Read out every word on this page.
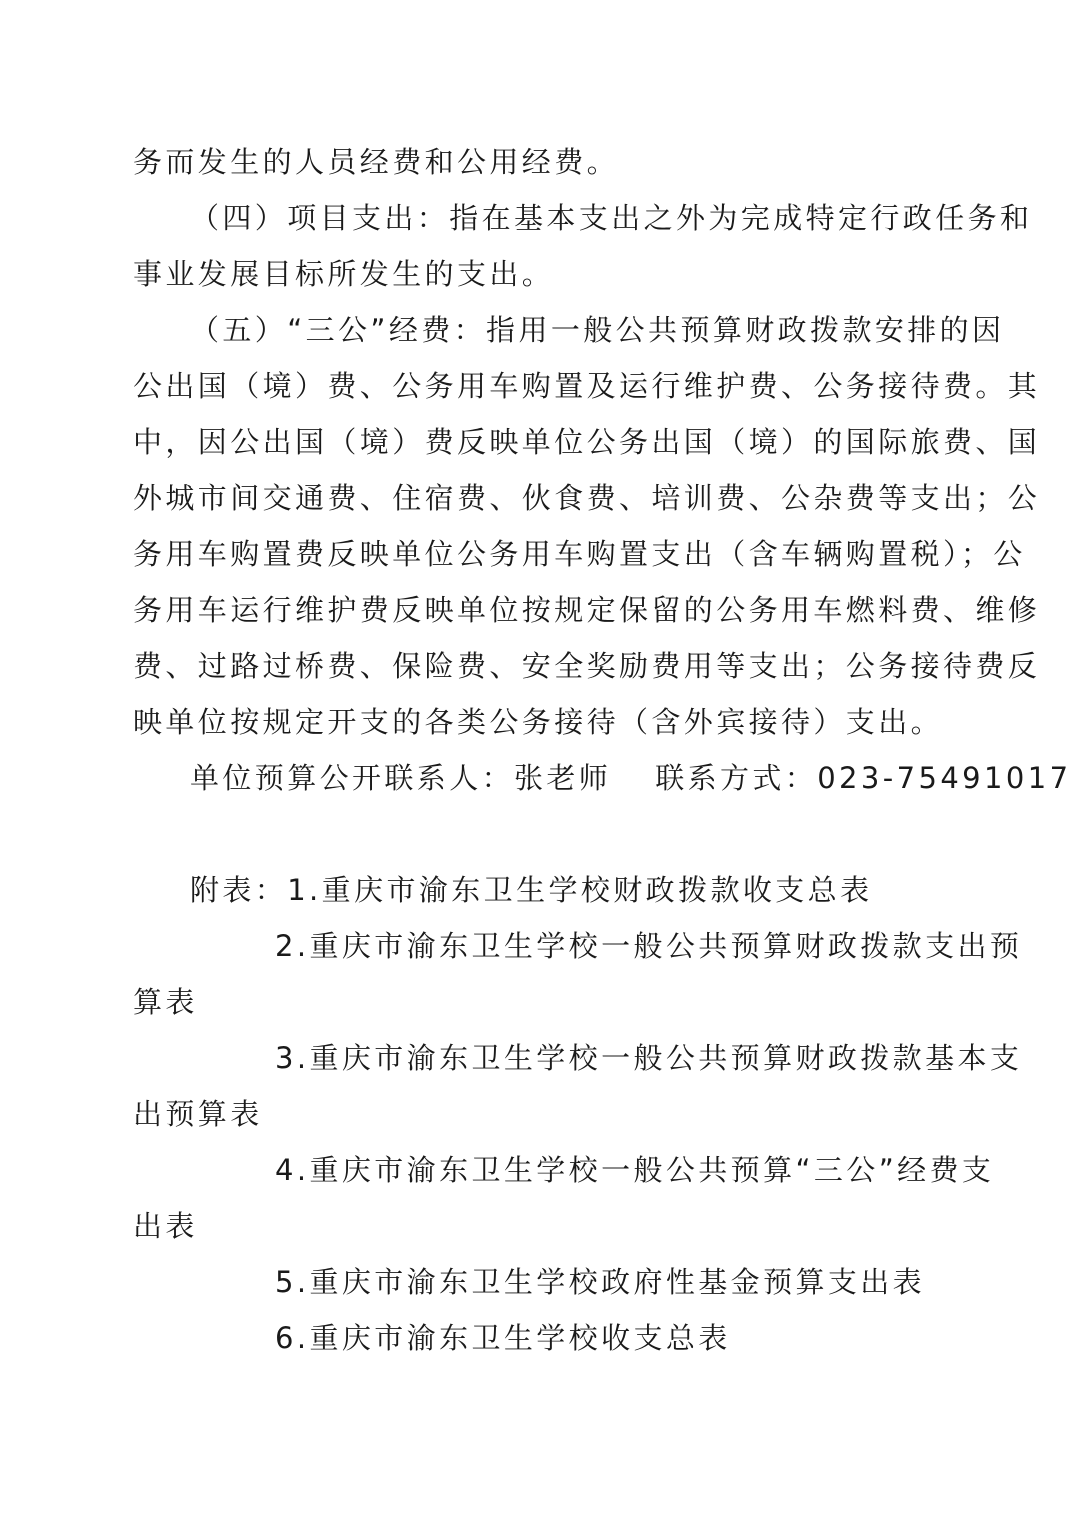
务而发生的人员经费和公用经费。
（四）项目支出：指在基本支出之外为完成特定行政任务和
事业发展目标所发生的支出。
（五）“三公”经费：指用一般公共预算财政拨款安排的因
公出国（境）费、公务用车购置及运行维护费、公务接待费。其
中，因公出国（境）费反映单位公务出国（境）的国际旅费、国
外城市间交通费、住宿费、伙食费、培训费、公杂费等支出；公
务用车购置费反映单位公务用车购置支出（含车辆购置税）；公
务用车运行维护费反映单位按规定保留的公务用车燃料费、维修
费、过路过桥费、保险费、安全奖励费用等支出；公务接待费反
映单位按规定开支的各类公务接待（含外宾接待）支出。
单位预算公开联系人：张老师 联系方式：023-75491017
附表：1.重庆市渝东卫生学校财政拨款收支总表
2.重庆市渝东卫生学校一般公共预算财政拨款支出预
算表
3.重庆市渝东卫生学校一般公共预算财政拨款基本支
出预算表
4.重庆市渝东卫生学校一般公共预算“三公”经费支
出表
5.重庆市渝东卫生学校政府性基金预算支出表
6.重庆市渝东卫生学校收支总表
